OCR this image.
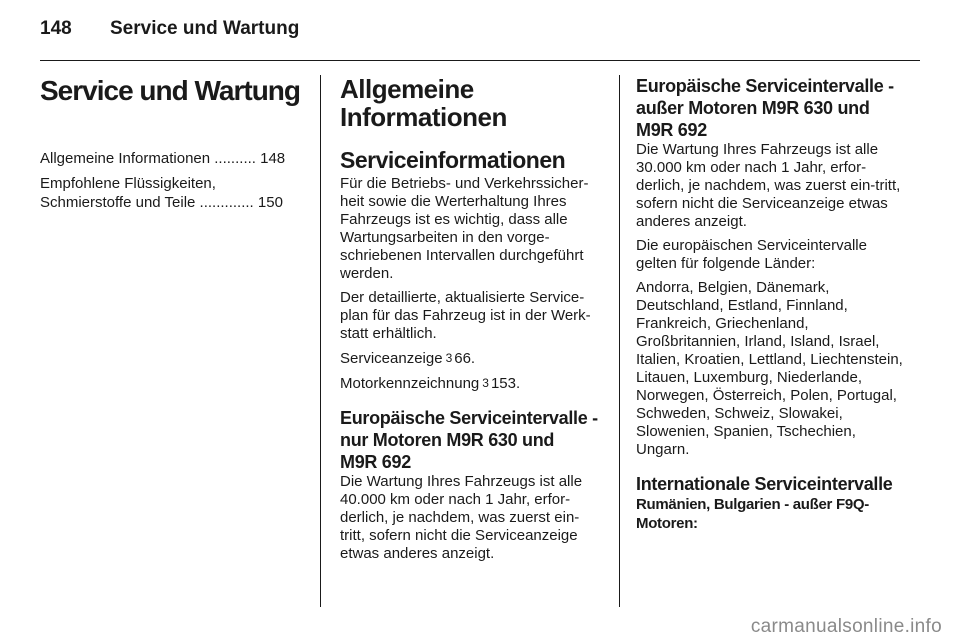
148 Service und Wartung
Service und Wartung
Allgemeine Informationen .......... 148
Empfohlene Flüssigkeiten,
Schmierstoffe und Teile ............. 150
Allgemeine
Informationen
Serviceinformationen

Für die Betriebs- und Verkehrssicher-heit sowie die Werterhaltung Ihres Fahrzeugs ist es wichtig, dass alle Wartungsarbeiten in den vorge-schriebenen Intervallen durchgeführt werden.

Der detaillierte, aktualisierte Service-plan für das Fahrzeug ist in der Werk-statt erhältlich.

Serviceanzeige 3 66.

Motorkennzeichnung 3 153.

Europäische Serviceintervalle -
nur Motoren M9R 630 und
M9R 692

Die Wartung Ihres Fahrzeugs ist alle 40.000 km oder nach 1 Jahr, erfor-derlich, je nachdem, was zuerst ein-tritt, sofern nicht die Serviceanzeige etwas anderes anzeigt.

Europäische Serviceintervalle -
außer Motoren M9R 630 und
M9R 692

Die Wartung Ihres Fahrzeugs ist alle 30.000 km oder nach 1 Jahr, erfor-derlich, je nachdem, was zuerst ein-tritt, sofern nicht die Serviceanzeige etwas anderes anzeigt.

Die europäischen Serviceintervalle gelten für folgende Länder:

Andorra, Belgien, Dänemark, Deutschland, Estland, Finnland, Frankreich, Griechenland, Großbritannien, Irland, Island, Israel, Italien, Kroatien, Lettland, Liechtenstein, Litauen, Luxemburg, Niederlande, Norwegen, Österreich, Polen, Portugal, Schweden, Schweiz, Slowakei, Slowenien, Spanien, Tschechien, Ungarn.

Internationale Serviceintervalle
Rumänien, Bulgarien - außer F9Q-
Motoren:
carmanualsonline.info
